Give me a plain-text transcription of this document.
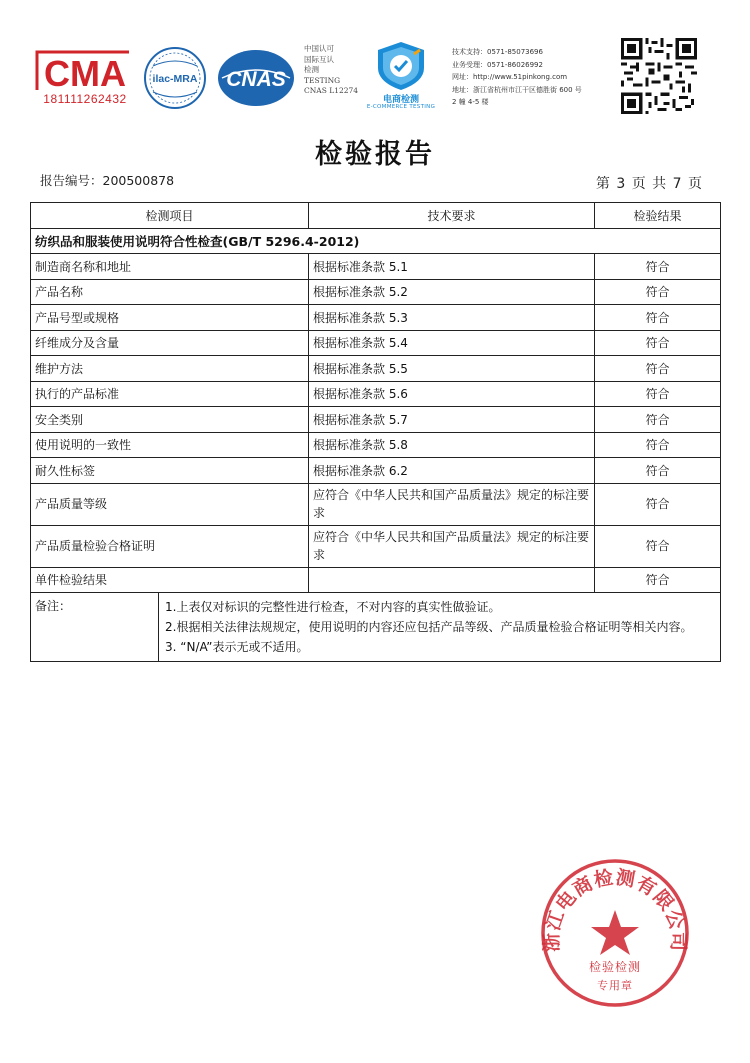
CMA
181111262432
ilac-MRA CNAS
中国认可
国际互认
检测
TESTING
CNAS L12274
电商检测
E-COMMERCE TESTING
技术支持：0571-85073696
业务受理：0571-86026992
网址：http://www.51pinkong.com
地址：浙江省杭州市江干区德胜街 600 号
2 幢 4-5 楼
检验报告
报告编号：200500878	第 3 页 共 7 页
检测项目		技术要求	检验结果
纺织品和服装使用说明符合性检查(GB/T 5296.4-2012)			
制造商名称和地址		根据标准条款 5.1	符合
产品名称		根据标准条款 5.2	符合
产品号型或规格		根据标准条款 5.3	符合
纤维成分及含量		根据标准条款 5.4	符合
维护方法		根据标准条款 5.5	符合
执行的产品标准		根据标准条款 5.6	符合
安全类别		根据标准条款 5.7	符合
使用说明的一致性		根据标准条款 5.8	符合
耐久性标签		根据标准条款 6.2	符合
产品质量等级		应符合《中华人民共和国产品质量法》规定的标注要求	符合
产品质量检验合格证明		应符合《中华人民共和国产品质量法》规定的标注要求	符合
单件检验结果			符合
备注：	1.上表仅对标识的完整性进行检查，不对内容的真实性做验证。
2.根据相关法律法规规定，使用说明的内容还应包括产品等级、产品质量检验合格证明等相关内容。
3. “N/A”表示无或不适用。		
浙江电商检测有限公司
检验检测
专用章
